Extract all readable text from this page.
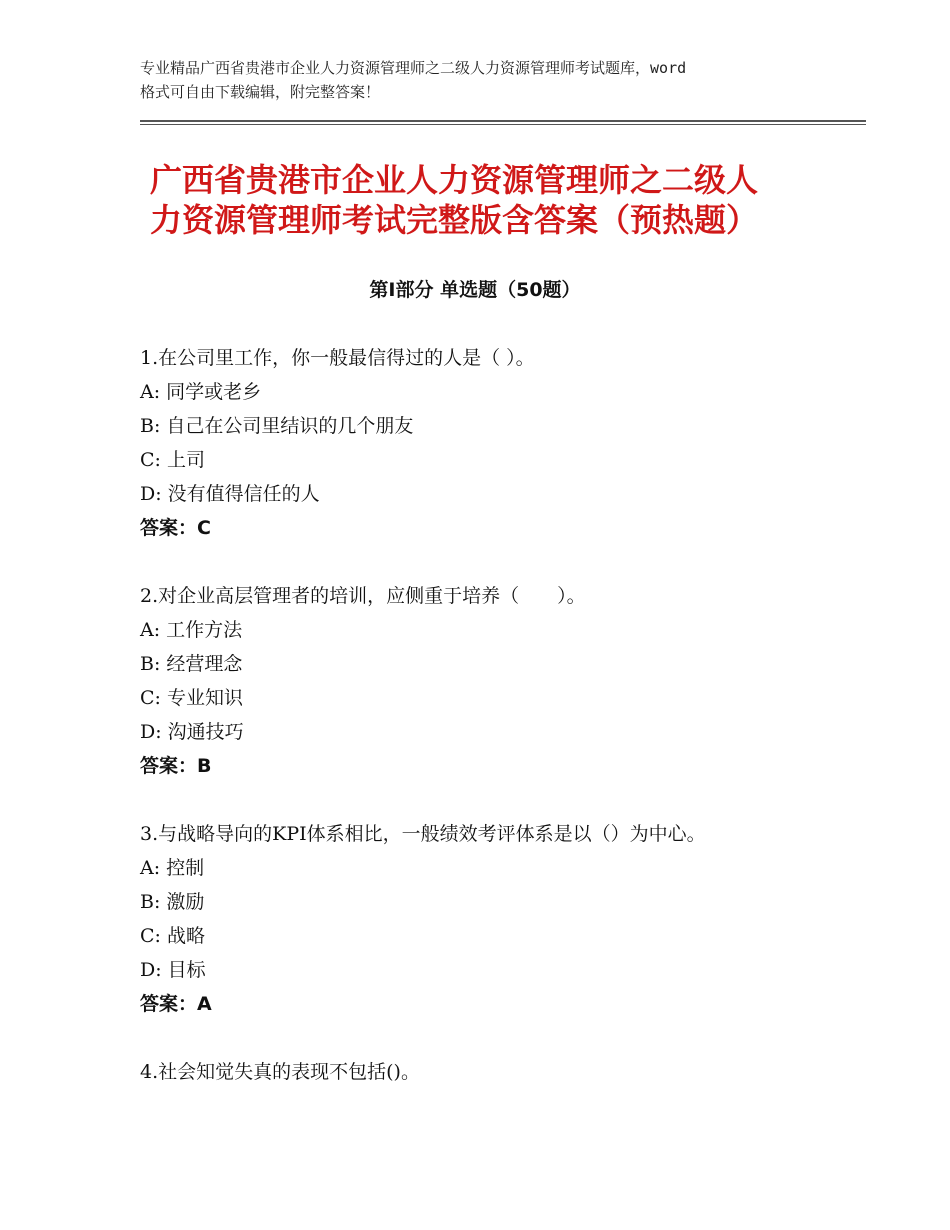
专业精品广西省贵港市企业人力资源管理师之二级人力资源管理师考试题库，word
格式可自由下载编辑，附完整答案！
广西省贵港市企业人力资源管理师之二级人
力资源管理师考试完整版含答案（预热题）
第Ⅰ部分 单选题（50题）
1.在公司里工作，你一般最信得过的人是（ ）。
A: 同学或老乡
B: 自己在公司里结识的几个朋友
C: 上司
D: 没有值得信任的人
答案：C
2.对企业高层管理者的培训，应侧重于培养（　　）。
A: 工作方法
B: 经营理念
C: 专业知识
D: 沟通技巧
答案：B
3.与战略导向的KPI体系相比，一般绩效考评体系是以（）为中心。
A: 控制
B: 激励
C: 战略
D: 目标
答案：A
4.社会知觉失真的表现不包括()。
